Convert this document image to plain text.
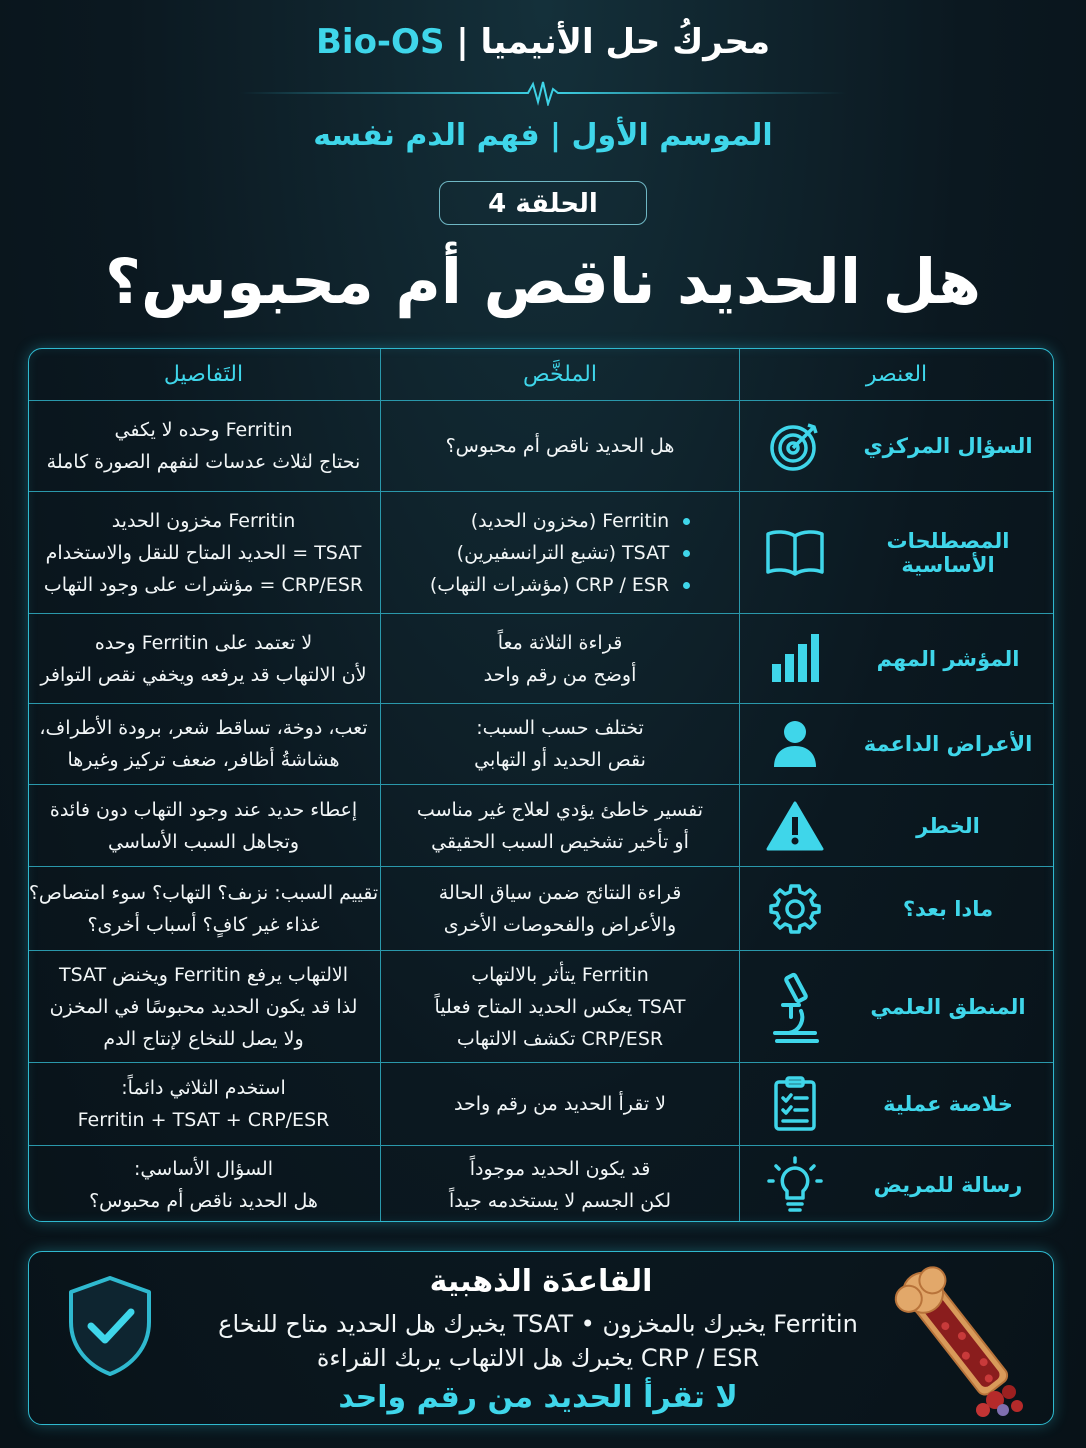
محركُ حل الأنيميا | Bio-OS
الموسم الأول | فهم الدم نفسه
الحلقة 4
هل الحديد ناقص أم محبوس؟
العنصر
الملخَّص
التَفاصيل
السؤال المركزي
هل الحديد ناقص أم محبوس؟
Ferritin وحده لا يكفي
نحتاج لثلاث عدسات لنفهم الصورة كاملة
المصطلحات الأساسية
Ferritin (مخزون الحديد)
TSAT (تشبع الترانسفيرين)
CRP / ESR (مؤشرات التهاب)
Ferritin مخزون الحديد
TSAT = الحديد المتاح للنقل والاستخدام
CRP/ESR = مؤشرات على وجود التهاب
المؤشر المهم
قراءة الثلاثة معاً
أوضح من رقم واحد
لا تعتمد على Ferritin وحده
لأن الالتهاب قد يرفعه ويخفي نقص التوافر
الأعراض الداعمة
تختلف حسب السبب:
نقص الحديد أو التهابي
تعب، دوخة، تساقط شعر، برودة الأطراف،
هشاشةُ أظافر، ضعف تركيز وغيرها
الخطر
تفسير خاطئ يؤدي لعلاج غير مناسب
أو تأخير تشخيص السبب الحقيقي
إعطاء حديد عند وجود التهاب دون فائدة
وتجاهل السبب الأساسي
مادا بعد؟
قراءة النتائج ضمن سياق الحالة
والأعراض والفحوصات الأخرى
تقييم السبب: نزىف؟ التهاب؟ سوء امتصاص؟
غذاء غير كافٍ؟ أسباب أخرى؟
المنطق العلمي
Ferritin يتأثر بالالتهاب
TSAT يعكس الحديد المتاح فعلياً
CRP/ESR تكشف الالتهاب
الالتهاب يرفع Ferritin ويخنض TSAT
لذا قد يكون الحديد محبوسًا في المخزن
ولا يصل للنخاع لإنتاج الدم
خلاصة عملية
لا تقرأ الحديد من رقم واحد
استخدم الثلاثي دائماً:
Ferritin + TSAT + CRP/ESR
رسالة للمريض
قد يكون الحديد موجوداً
لكن الجسم لا يستخدمه جيداً
السؤال الأساسي:
هل الحديد ناقص أم محبوس؟
القاعدَة الذهبية
Ferritin يخبرك بالمخزون • TSAT يخبرك هل الحديد متاح للنخاع
CRP / ESR يخبرك هل الالتهاب يربك القراءة
لا تقرأ الحديد من رقم واحد
